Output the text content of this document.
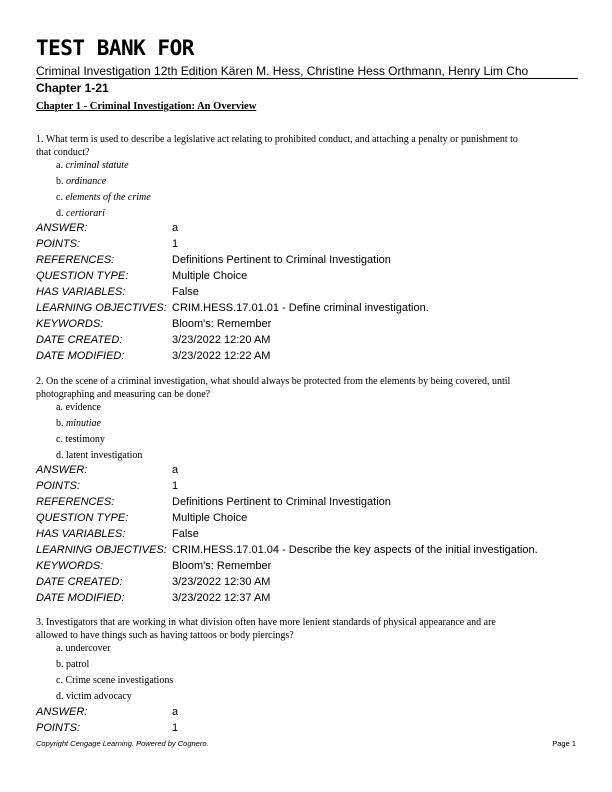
TEST BANK FOR
Criminal Investigation 12th Edition Kären M. Hess, Christine Hess Orthmann, Henry Lim Cho
Chapter 1-21
Chapter 1 - Criminal Investigation: An Overview
1. What term is used to describe a legislative act relating to prohibited conduct, and attaching a penalty or punishment to
that conduct?
a. criminal statute
b. ordinance
c. elements of the crime
d. certiorari
ANSWER:	a
POINTS:	1
REFERENCES:	Definitions Pertinent to Criminal Investigation
QUESTION TYPE:	Multiple Choice
HAS VARIABLES:	False
LEARNING OBJECTIVES: CRIM.HESS.17.01.01 - Define criminal investigation.
KEYWORDS:	Bloom's: Remember
DATE CREATED:	3/23/2022 12:20 AM
DATE MODIFIED:	3/23/2022 12:22 AM
2. On the scene of a criminal investigation, what should always be protected from the elements by being covered, until
photographing and measuring can be done?
a. evidence
b. minutiae
c. testimony
d. latent investigation
ANSWER:	a
POINTS:	1
REFERENCES:	Definitions Pertinent to Criminal Investigation
QUESTION TYPE:	Multiple Choice
HAS VARIABLES:	False
LEARNING OBJECTIVES: CRIM.HESS.17.01.04 - Describe the key aspects of the initial investigation.
KEYWORDS:	Bloom's: Remember
DATE CREATED:	3/23/2022 12:30 AM
DATE MODIFIED:	3/23/2022 12:37 AM
3. Investigators that are working in what division often have more lenient standards of physical appearance and are
allowed to have things such as having tattoos or body piercings?
a. undercover
b. patrol
c. Crime scene investigations
d. victim advocacy
ANSWER:	a
POINTS:	1
Copyright Cengage Learning. Powered by Cognero.	Page 1
